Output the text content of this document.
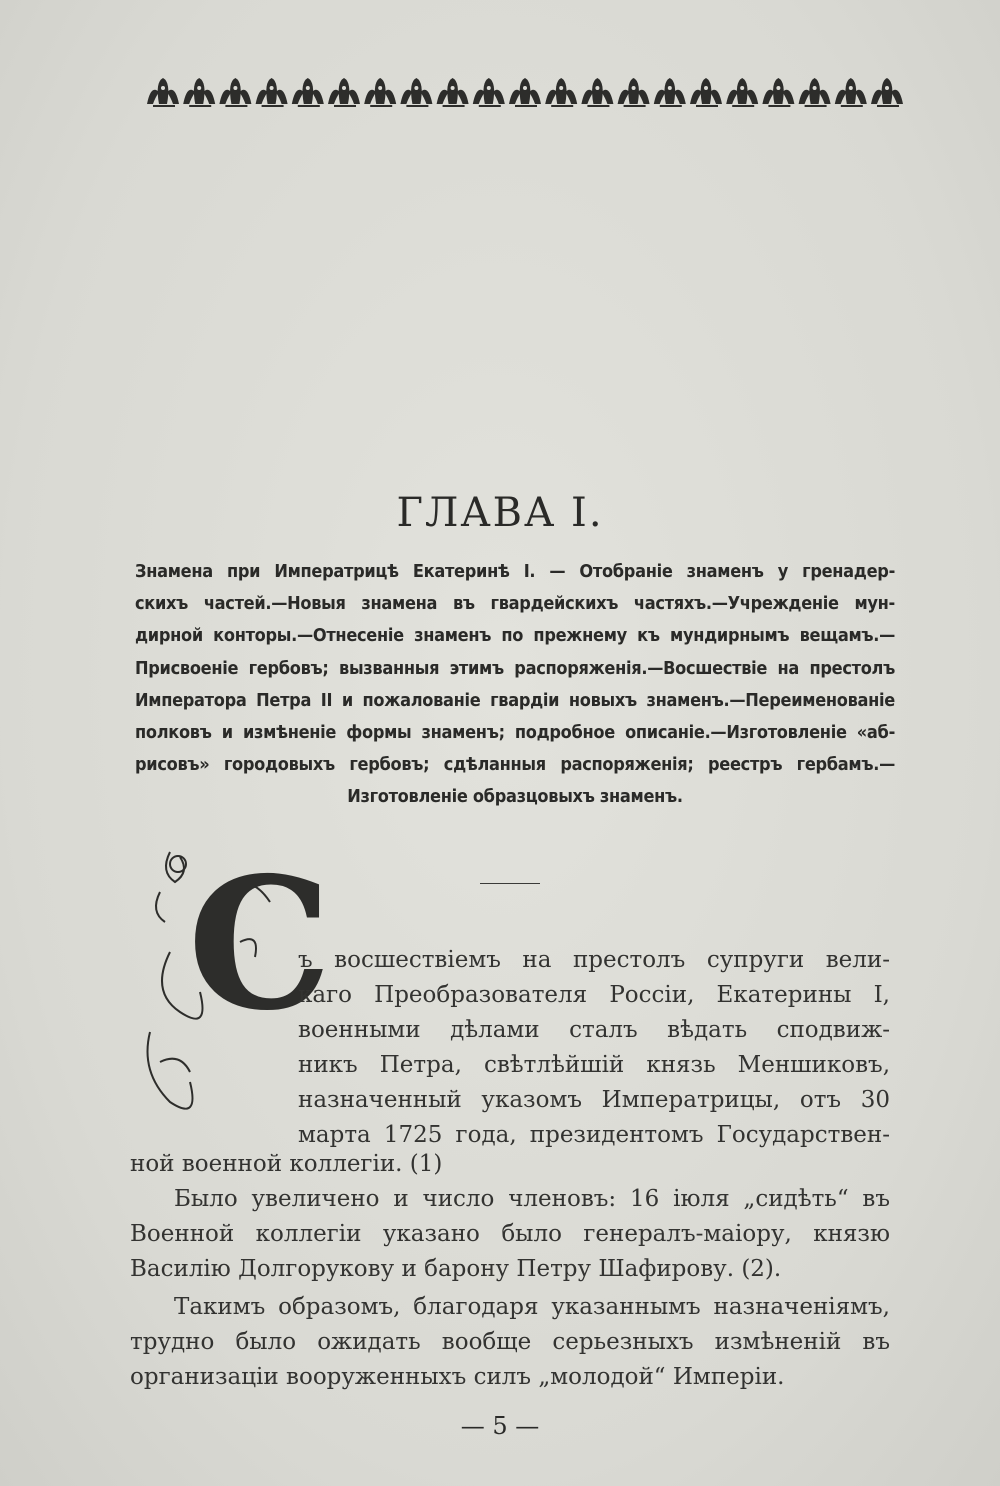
ГЛАВА I.
Знамена при Императрицѣ Екатеринѣ I. — Отобраніе знаменъ у гренадер-
скихъ частей.—Новыя знамена въ гвардейскихъ частяхъ.—Учрежденіе мун-
дирной конторы.—Отнесеніе знаменъ по прежнему къ мундирнымъ вещамъ.—
Присвоеніе гербовъ; вызванныя этимъ распоряженія.—Восшествіе на престолъ
Императора Петра II и пожалованіе гвардіи новыхъ знаменъ.—Переименованіе
полковъ и измѣненіе формы знаменъ; подробное описаніе.—Изготовленіе «аб-
рисовъ» городовыхъ гербовъ; сдѣланныя распоряженія; реестръ гербамъ.—
Изготовленіе образцовыхъ знаменъ.
С
ъ восшествіемъ на престолъ супруги вели-
каго Преобразователя Россіи, Екатерины I,
военными дѣлами сталъ вѣдать сподвиж-
никъ Петра, свѣтлѣйшій князь Меншиковъ,
назначенный указомъ Императрицы, отъ 30
марта 1725 года, президентомъ Государствен-
ной военной коллегіи. (1)
Было увеличено и число членовъ: 16 іюля „сидѣть“ въ
Военной коллегіи указано было генералъ-маіору, князю
Василію Долгорукову и барону Петру Шафирову. (2).
Такимъ образомъ, благодаря указаннымъ назначеніямъ,
трудно было ожидать вообще серьезныхъ измѣненій въ
организаціи вооруженныхъ силъ „молодой“ Имперіи.
— 5 —
